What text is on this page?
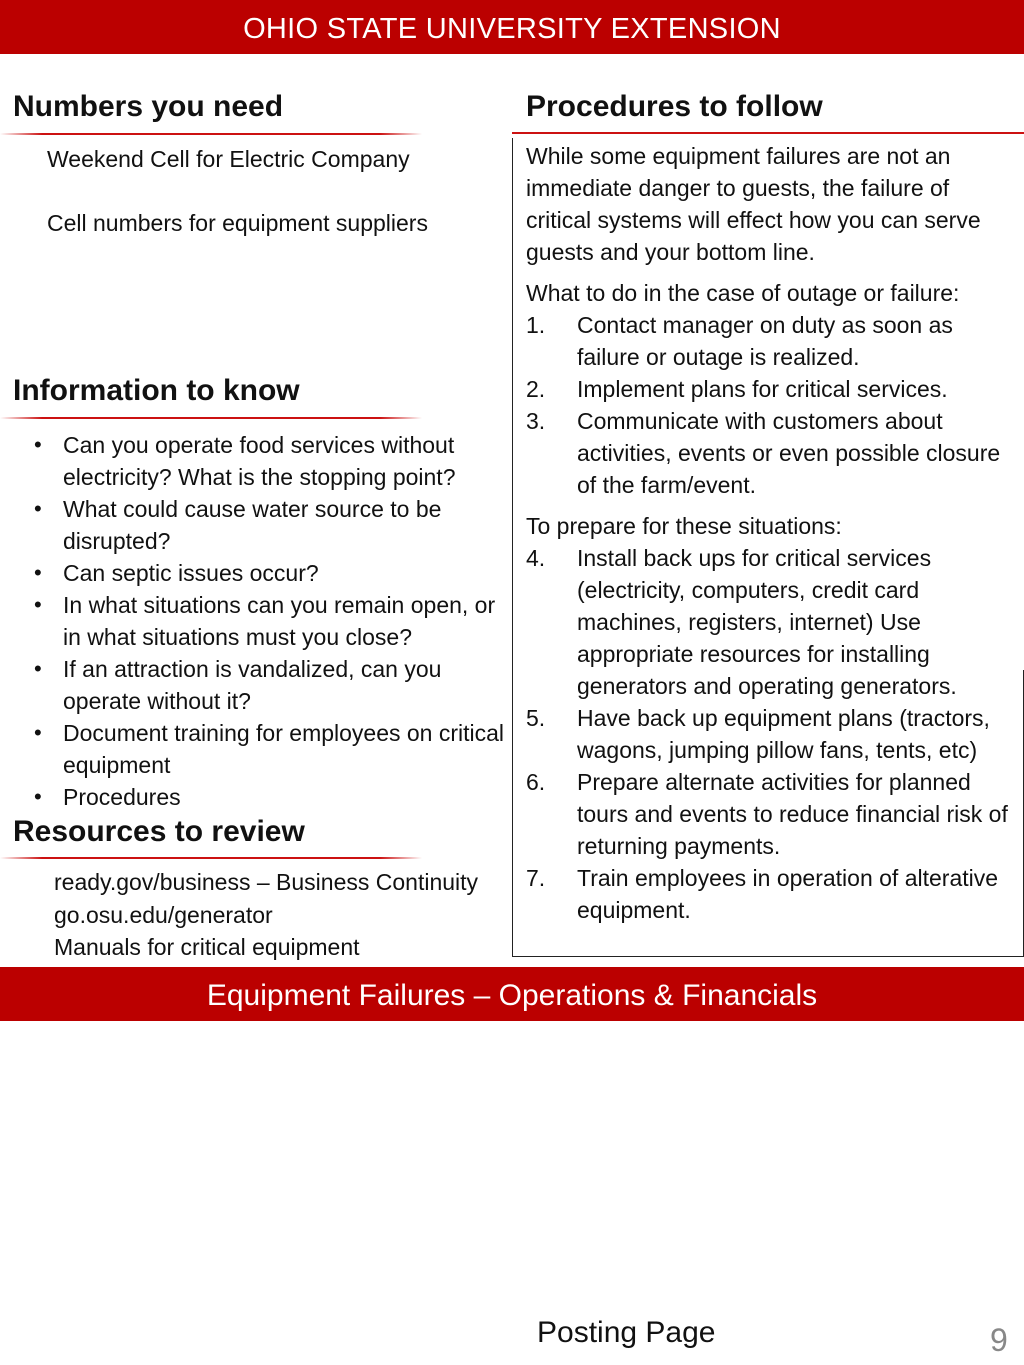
OHIO STATE UNIVERSITY EXTENSION
Numbers you need
Weekend Cell for Electric Company
Cell numbers for equipment suppliers
Information to know
• Can you operate food services without electricity? What is the stopping point?
• What could cause water source to be disrupted?
• Can septic issues occur?
• In what situations can you remain open, or in what situations must you close?
• If an attraction is vandalized, can you operate without it?
• Document training for employees on critical equipment
• Procedures
Resources to review
ready.gov/business – Business Continuity
go.osu.edu/generator
Manuals for critical equipment
Procedures to follow

While some equipment failures are not an immediate danger to guests, the failure of critical systems will effect how you can serve guests and your bottom line.

What to do in the case of outage or failure:

1. Contact manager on duty as soon as failure or outage is realized.
2. Implement plans for critical services.
3. Communicate with customers about activities, events or even possible closure of the farm/event.

To prepare for these situations:

4. Install back ups for critical services (electricity, computers, credit card machines, registers, internet) Use appropriate resources for installing generators and operating generators.
5. Have back up equipment plans (tractors, wagons, jumping pillow fans, tents, etc)
6. Prepare alternate activities for planned tours and events to reduce financial risk of returning payments.
7. Train employees in operation of alterative equipment.
Equipment Failures – Operations & Financials
Posting Page	9
